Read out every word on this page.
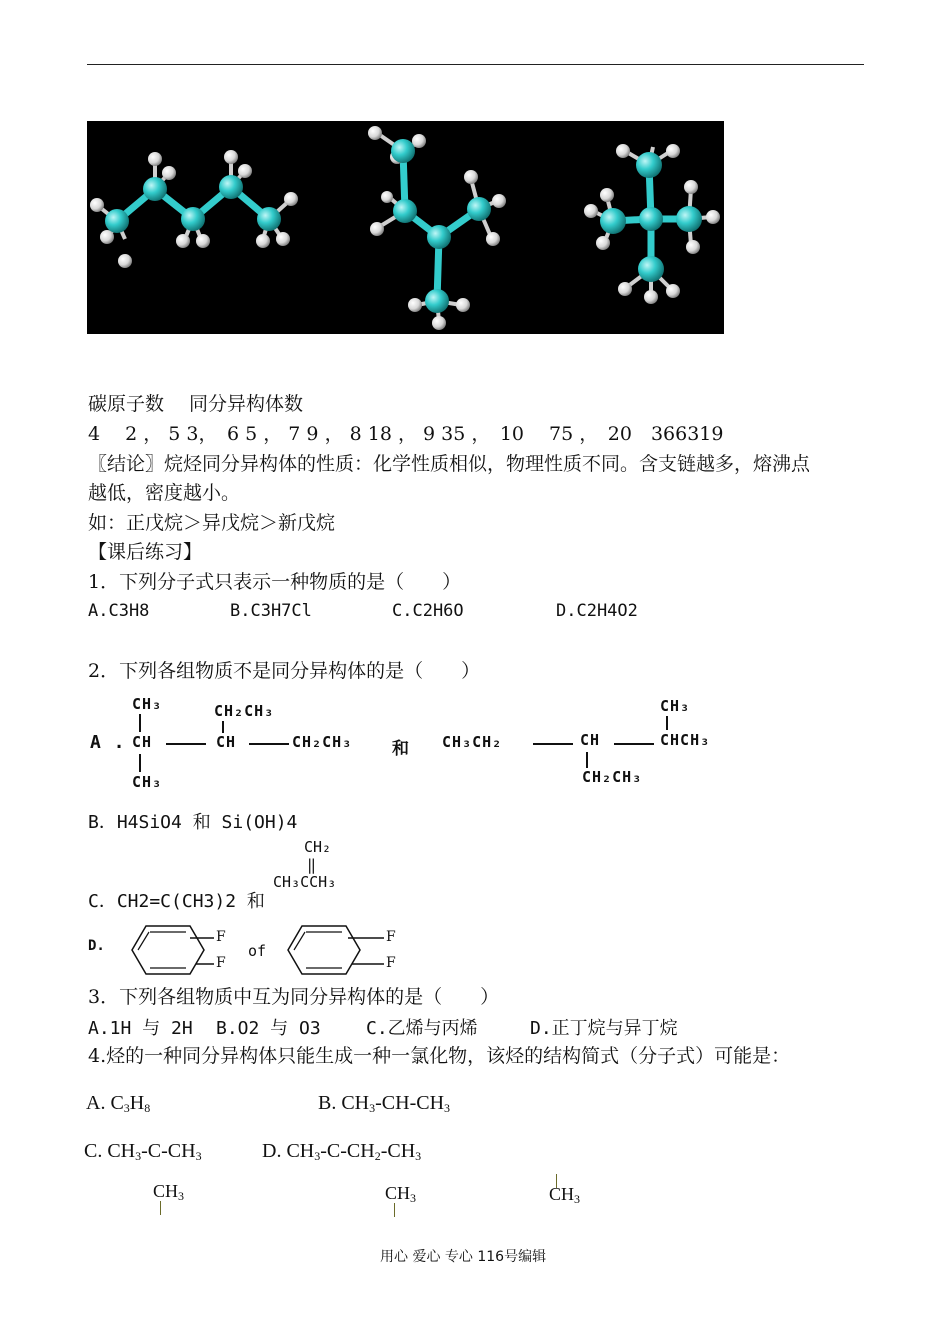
碳原子数　 同分异构体数
4　 2 ， 5 3，　6 5 ， 7 9 ， 8 18 ， 9 35 ，　10　 75 ，　20　366319
〖结论〗烷烃同分异构体的性质：化学性质相似，物理性质不同。含支链越多，熔沸点
越低，密度越小。
如：正戊烷＞异戊烷＞新戊烷
【课后练习】
1．下列分子式只表示一种物质的是（　　）
A.C3H8	B.C3H7Cl	C.C2H6O	D.C2H4O2
2．下列各组物质不是同分异构体的是（　　）
A .
CH₃
CH
CH₃
CH₂CH₃
CH	CH₂CH₃ 和 CH₃CH₂	CH
CH₂CH₃
CH₃
CHCH₃
B．H4SiO4 和 Si(OH)4
C．CH2=C(CH3)2 和
CH₂
‖
CH₃CCH₃
D.
F
F
of
F
F
3．下列各组物质中互为同分异构体的是（　　）
A.1H 与 2H B.O2 与 O3	C.乙烯与丙烯	D.正丁烷与异丁烷
4.烃的一种同分异构体只能生成一种一氯化物，该烃的结构简式（分子式）可能是：
A. $C_3H_8$	B. $CH_3-CH-CH_3$
C. $CH_3-C-CH_3$	D. $CH_3-C-CH_2-CH_3$
$CH_3$	$CH_3$	$CH_3$
用心 爱心 专心 116号编辑
